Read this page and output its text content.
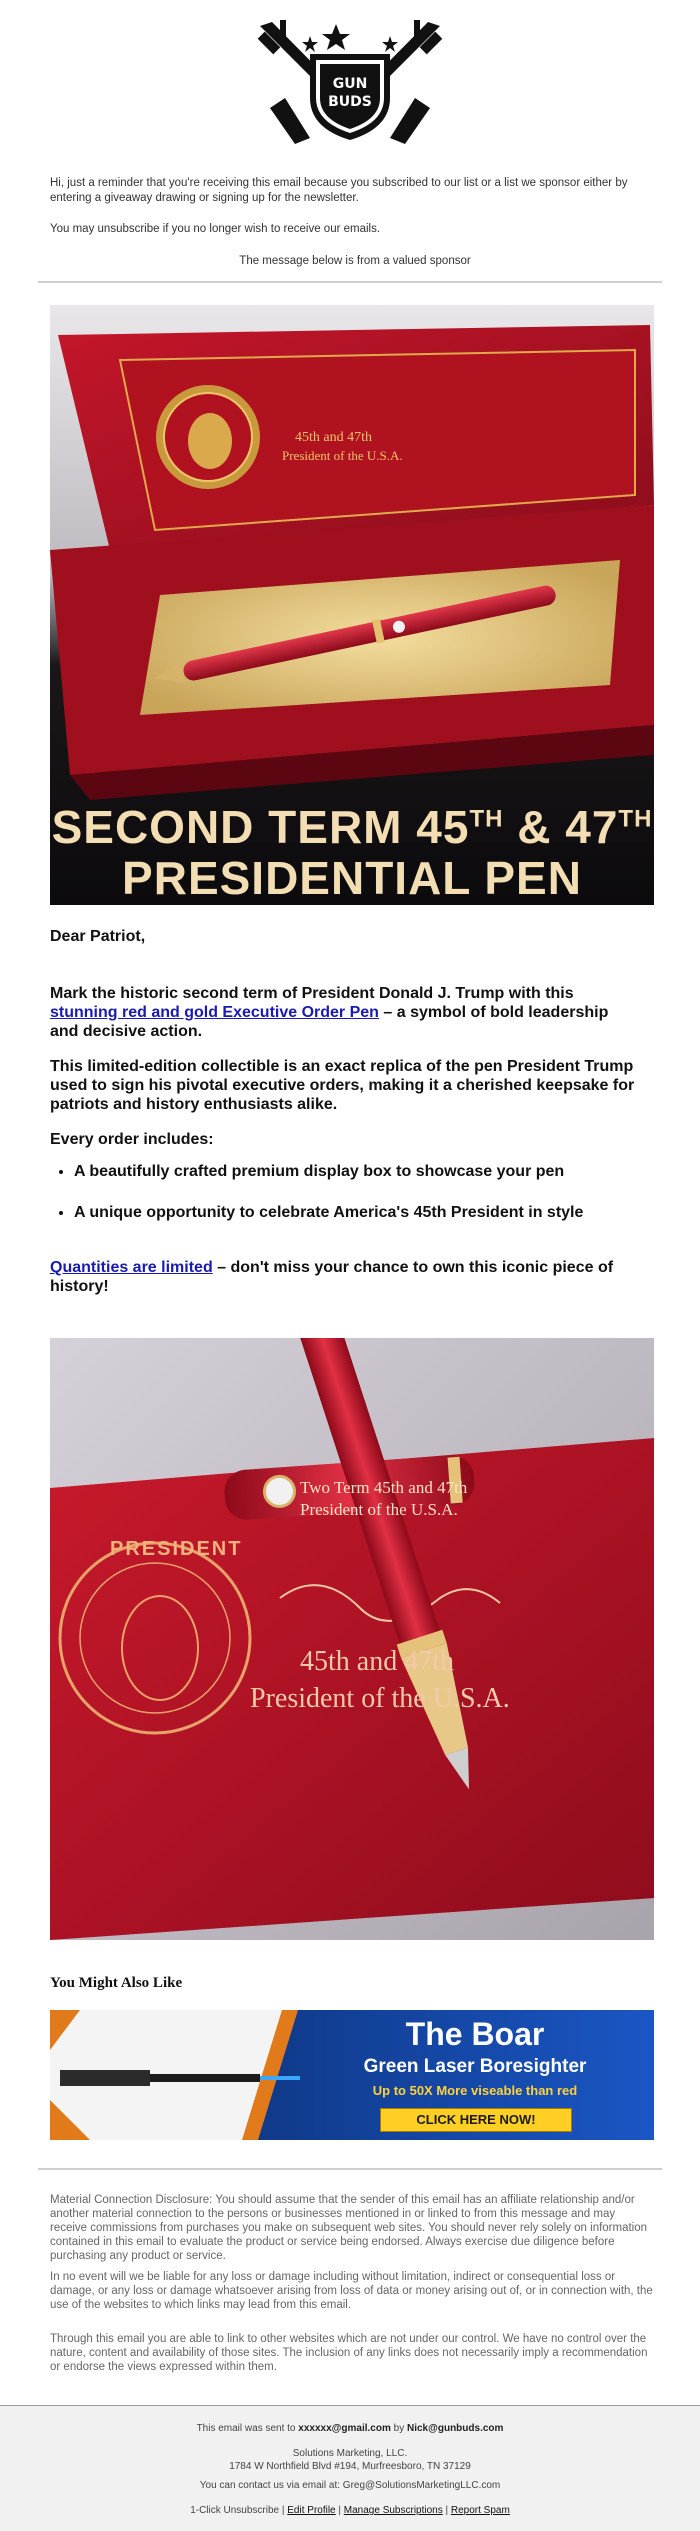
GUN
BUDS
Hi, just a reminder that you're receiving this email because you subscribed to our list or a list we sponsor either by entering a giveaway drawing or signing up for the newsletter.
You may unsubscribe if you no longer wish to receive our emails.
The message below is from a valued sponsor
45th and 47th
President of the U.S.A.
SECOND TERM 45TH & 47TH
PRESIDENTIAL PEN
Dear Patriot,
Mark the historic second term of President Donald J. Trump with this stunning red and gold Executive Order Pen – a symbol of bold leadership and decisive action.
This limited-edition collectible is an exact replica of the pen President Trump used to sign his pivotal executive orders, making it a cherished keepsake for patriots and history enthusiasts alike.
Every order includes:
• A beautifully crafted premium display box to showcase your pen
• A unique opportunity to celebrate America's 45th President in style
Quantities are limited – don't miss your chance to own this iconic piece of history!
PRESIDENT
Two Term 45th and 47th
President of the U.S.A.
45th and 47th
President of the U.S.A.
You Might Also Like
The Boar
Green Laser Boresighter
Up to 50X More viseable than red
CLICK HERE NOW!
Material Connection Disclosure: You should assume that the sender of this email has an affiliate relationship and/or another material connection to the persons or businesses mentioned in or linked to from this message and may receive commissions from purchases you make on subsequent web sites. You should never rely solely on information contained in this email to evaluate the product or service being endorsed. Always exercise due diligence before purchasing any product or service.
In no event will we be liable for any loss or damage including without limitation, indirect or consequential loss or damage, or any loss or damage whatsoever arising from loss of data or money arising out of, or in connection with, the use of the websites to which links may lead from this email.
Through this email you are able to link to other websites which are not under our control. We have no control over the nature, content and availability of those sites. The inclusion of any links does not necessarily imply a recommendation or endorse the views expressed within them.
This email was sent to xxxxxx@gmail.com by Nick@gunbuds.com
Solutions Marketing, LLC.
1784 W Northfield Blvd #194, Murfreesboro, TN 37129
You can contact us via email at: Greg@SolutionsMarketingLLC.com
1-Click Unsubscribe | Edit Profile | Manage Subscriptions | Report Spam
